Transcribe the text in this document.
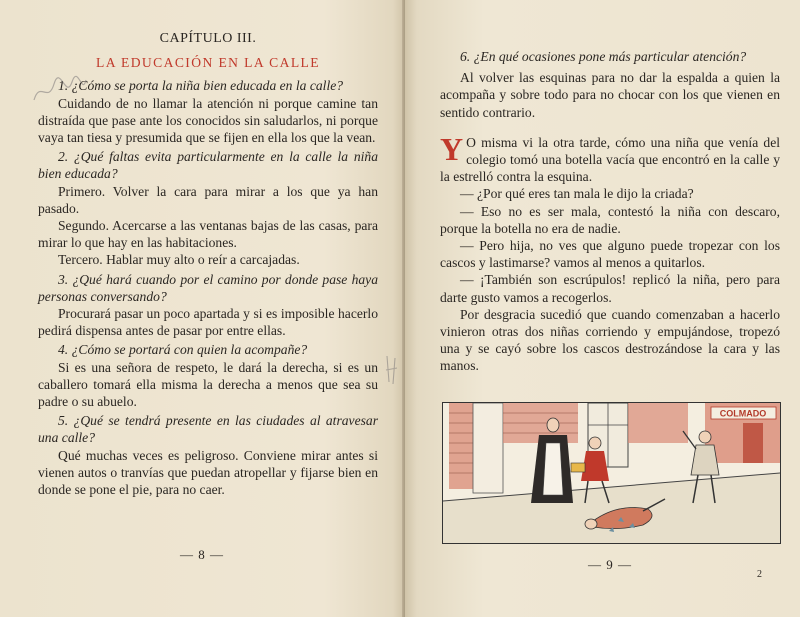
CAPÍTULO III.

LA EDUCACIÓN EN LA CALLE

1. ¿Cómo se porta la niña bien educada en la calle?

Cuidando de no llamar la atención ni porque camine tan distraída que pase ante los conocidos sin saludarlos, ni porque vaya tan tiesa y presumida que se fijen en ella los que la vean.

2. ¿Qué faltas evita particularmente en la calle la niña bien educada?

Primero. Volver la cara para mirar a los que ya han pasado.

Segundo. Acercarse a las ventanas bajas de las casas, para mirar lo que hay en las habitaciones.

Tercero. Hablar muy alto o reír a carcajadas.

3. ¿Qué hará cuando por el camino por donde pase haya personas conversando?

Procurará pasar un poco apartada y si es imposible hacerlo pedirá dispensa antes de pasar por entre ellas.

4. ¿Cómo se portará con quien la acompañe?

Si es una señora de respeto, le dará la derecha, si es un caballero tomará ella misma la derecha a menos que sea su padre o su abuelo.

5. ¿Qué se tendrá presente en las ciudades al atravesar una calle?

Qué muchas veces es peligroso. Conviene mirar antes si vienen autos o tranvías que puedan atropellar y fijarse bien en donde se pone el pie, para no caer.

— 8 —

6. ¿En qué ocasiones pone más particular atención?

Al volver las esquinas para no dar la espalda a quien la acompaña y sobre todo para no chocar con los que vienen en sentido contrario.

Y O misma vi la otra tarde, cómo una niña que venía del colegio tomó una botella vacía que encontró en la calle y la estrelló contra la esquina.

— ¿Por qué eres tan mala le dijo la criada?

— Eso no es ser mala, contestó la niña con descaro, porque la botella no era de nadie.

— Pero hija, no ves que alguno puede tropezar con los cascos y lastimarse? vamos al menos a quitarlos.

— ¡También son escrúpulos! replicó la niña, pero para darte gusto vamos a recogerlos.

Por desgracia sucedió que cuando comenzaban a hacerlo vinieron otras dos niñas corriendo y empujándose, tropezó una y se cayó sobre los cascos destrozándose la cara y las manos.

COLMADO
— 9 —
2
